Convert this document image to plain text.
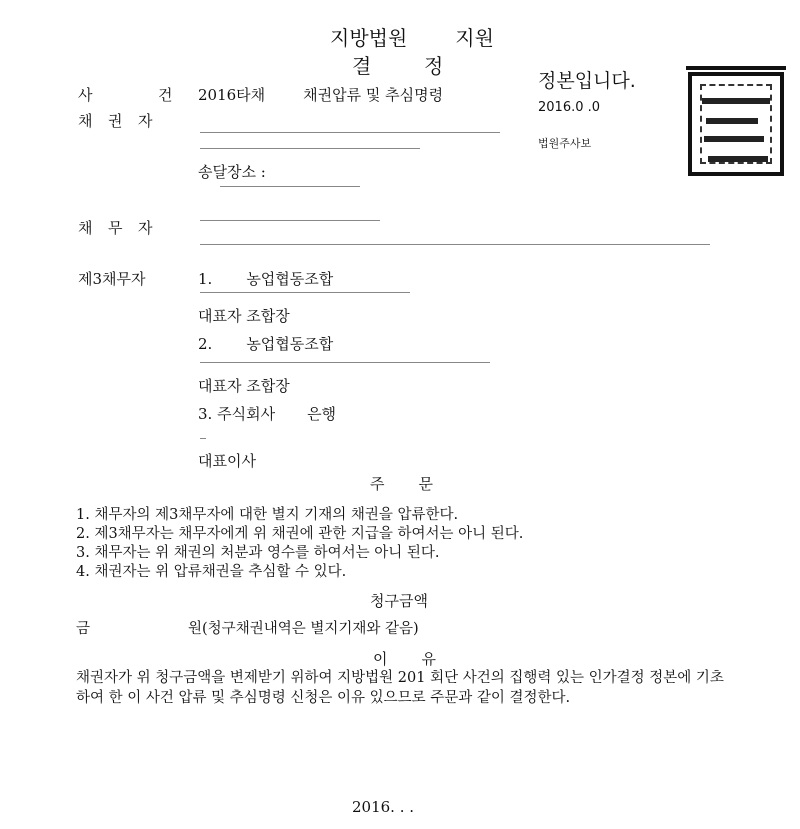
지방법원 지원
결	정
정본입니다.
2016.0 .0
법원주사보
사	건 2016타채	채권압류 및 추심명령
채 권 자
송달장소 :
채 무 자
제3채무자	1. 농업협동조합
대표자 조합장
2. 농업협동조합
대표자 조합장
3. 주식회사 은행
대표이사
주 문
1. 채무자의 제3채무자에 대한 별지 기재의 채권을 압류한다.
2. 제3채무자는 채무자에게 위 채권에 관한 지급을 하여서는 아니 된다.
3. 채무자는 위 채권의 처분과 영수를 하여서는 아니 된다.
4. 채권자는 위 압류채권을 추심할 수 있다.
청구금액
금	원(청구채권내역은 별지기재와 같음)
이 유
채권자가 위 청구금액을 변제받기 위하여 지방법원 201 회단 사건의 집행력 있는 인가결정 정본에 기초하여 한 이 사건 압류 및 추심명령 신청은 이유 있으므로 주문과 같이 결정한다.
2016. . .
